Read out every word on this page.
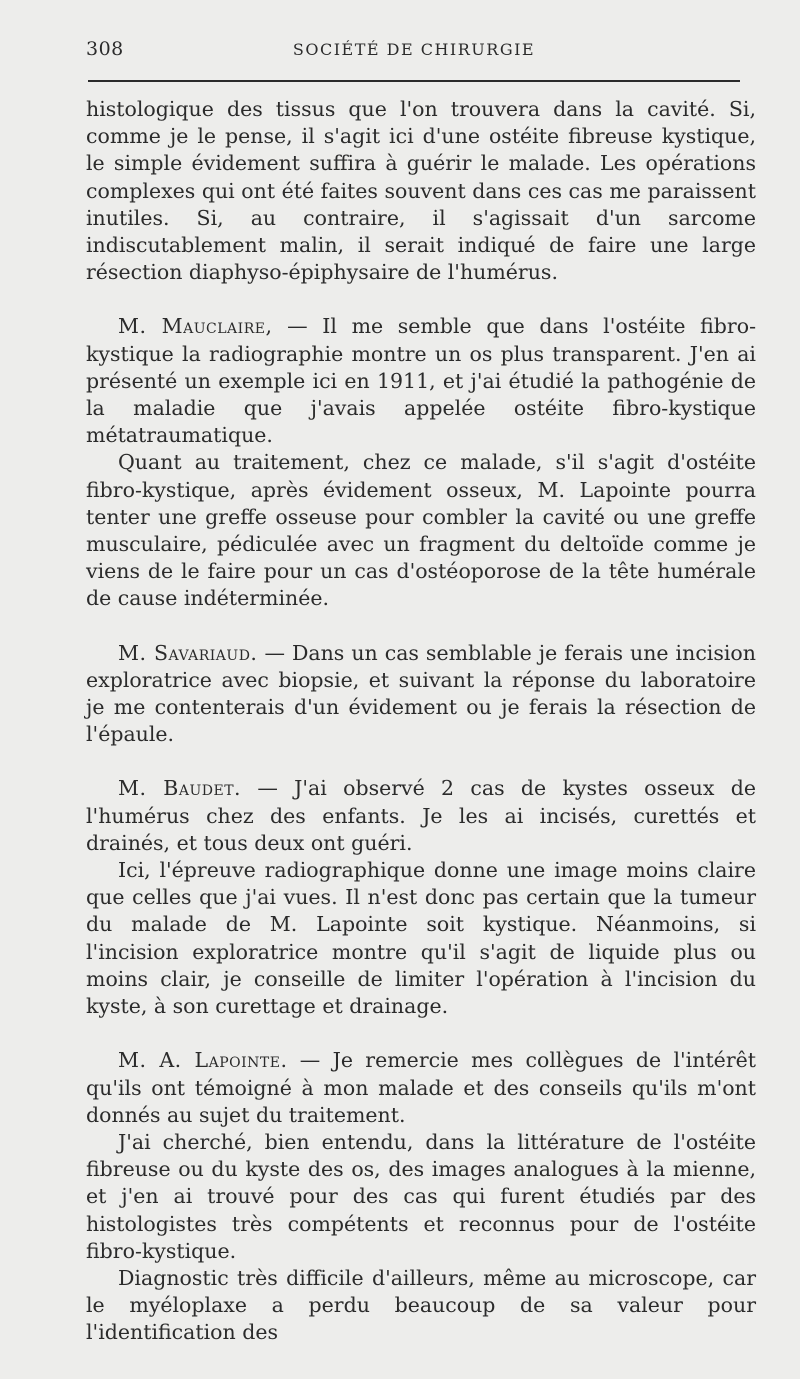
308	SOCIÉTÉ DE CHIRURGIE

histologique des tissus que l'on trouvera dans la cavité. Si, comme je le pense, il s'agit ici d'une ostéite fibreuse kystique, le simple évidement suffira à guérir le malade. Les opérations complexes qui ont été faites souvent dans ces cas me paraissent inutiles. Si, au contraire, il s'agissait d'un sarcome indiscutablement malin, il serait indiqué de faire une large résection diaphyso-épiphysaire de l'humérus.

M. Mauclaire, — Il me semble que dans l'ostéite fibro-kystique la radiographie montre un os plus transparent. J'en ai présenté un exemple ici en 1911, et j'ai étudié la pathogénie de la maladie que j'avais appelée ostéite fibro-kystique métatraumatique.

Quant au traitement, chez ce malade, s'il s'agit d'ostéite fibro-kystique, après évidement osseux, M. Lapointe pourra tenter une greffe osseuse pour combler la cavité ou une greffe musculaire, pédiculée avec un fragment du deltoïde comme je viens de le faire pour un cas d'ostéoporose de la tête humérale de cause indéterminée.

M. Savariaud. — Dans un cas semblable je ferais une incision exploratrice avec biopsie, et suivant la réponse du laboratoire je me contenterais d'un évidement ou je ferais la résection de l'épaule.

M. Baudet. — J'ai observé 2 cas de kystes osseux de l'humérus chez des enfants. Je les ai incisés, curettés et drainés, et tous deux ont guéri.

Ici, l'épreuve radiographique donne une image moins claire que celles que j'ai vues. Il n'est donc pas certain que la tumeur du malade de M. Lapointe soit kystique. Néanmoins, si l'incision exploratrice montre qu'il s'agit de liquide plus ou moins clair, je conseille de limiter l'opération à l'incision du kyste, à son curettage et drainage.

M. A. Lapointe. — Je remercie mes collègues de l'intérêt qu'ils ont témoigné à mon malade et des conseils qu'ils m'ont donnés au sujet du traitement.

J'ai cherché, bien entendu, dans la littérature de l'ostéite fibreuse ou du kyste des os, des images analogues à la mienne, et j'en ai trouvé pour des cas qui furent étudiés par des histologistes très compétents et reconnus pour de l'ostéite fibro-kystique.

Diagnostic très difficile d'ailleurs, même au microscope, car le myéloplaxe a perdu beaucoup de sa valeur pour l'identification des
